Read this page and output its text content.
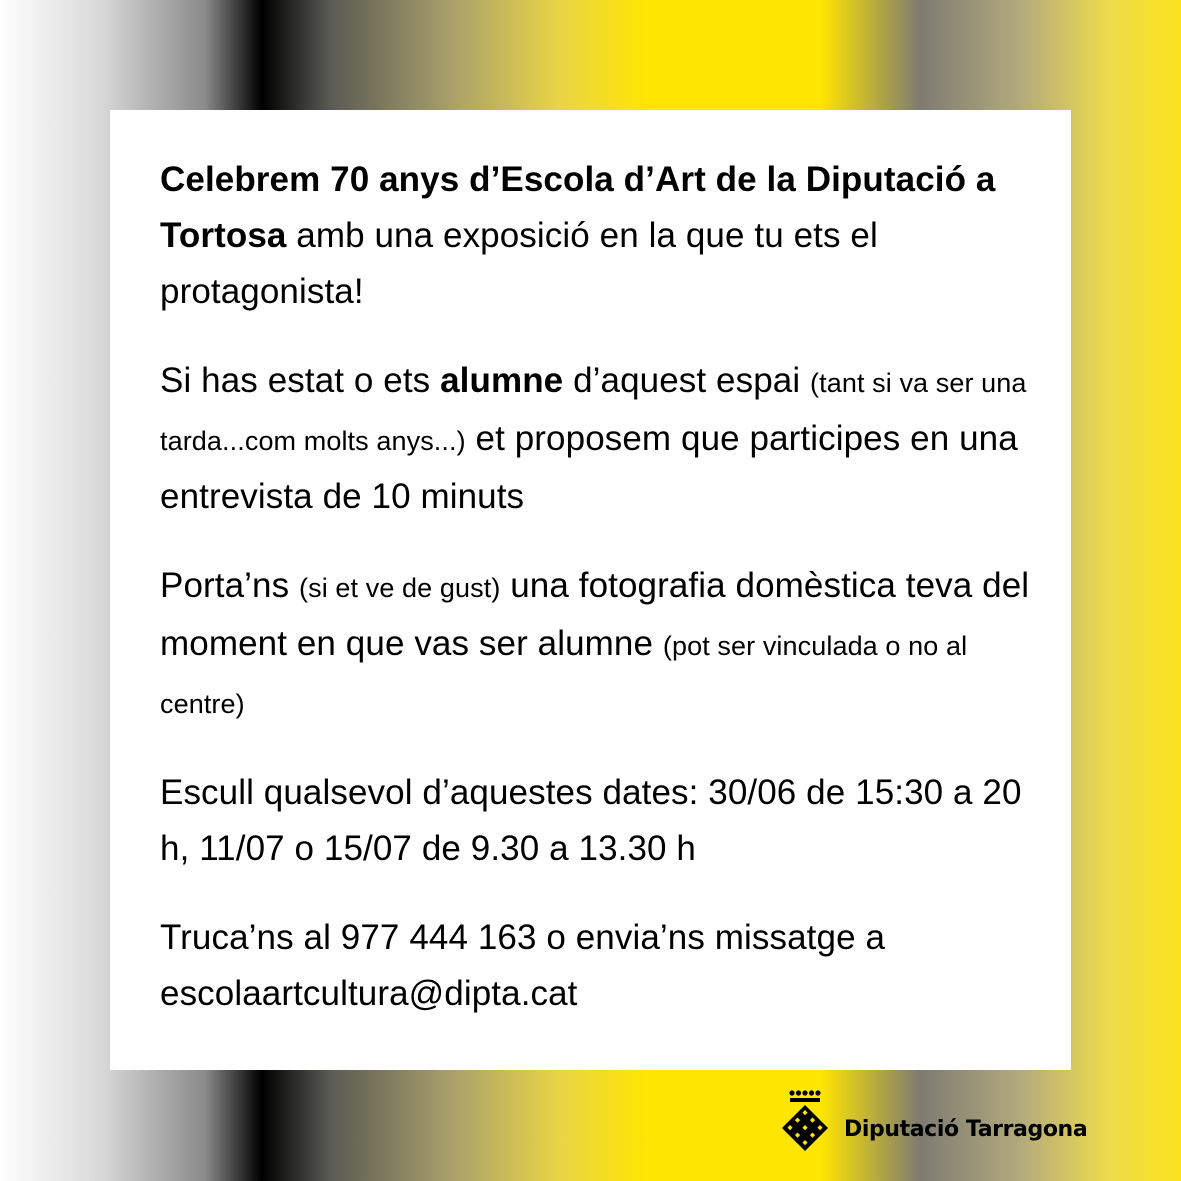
Celebrem 70 anys d’Escola d’Art de la Diputació a Tortosa amb una exposició en la que tu ets el protagonista!

Si has estat o ets alumne d’aquest espai (tant si va ser una tarda...com molts anys...) et proposem que participes en una entrevista de 10 minuts

Porta’ns (si et ve de gust) una fotografia domèstica teva del moment en que vas ser alumne (pot ser vinculada o no al centre)

Escull qualsevol d’aquestes dates: 30/06 de 15:30 a 20 h, 11/07 o 15/07 de 9.30 a 13.30 h

Truca’ns al 977 444 163 o envia’ns missatge a escolaartcultura@dipta.cat

Diputació Tarragona
